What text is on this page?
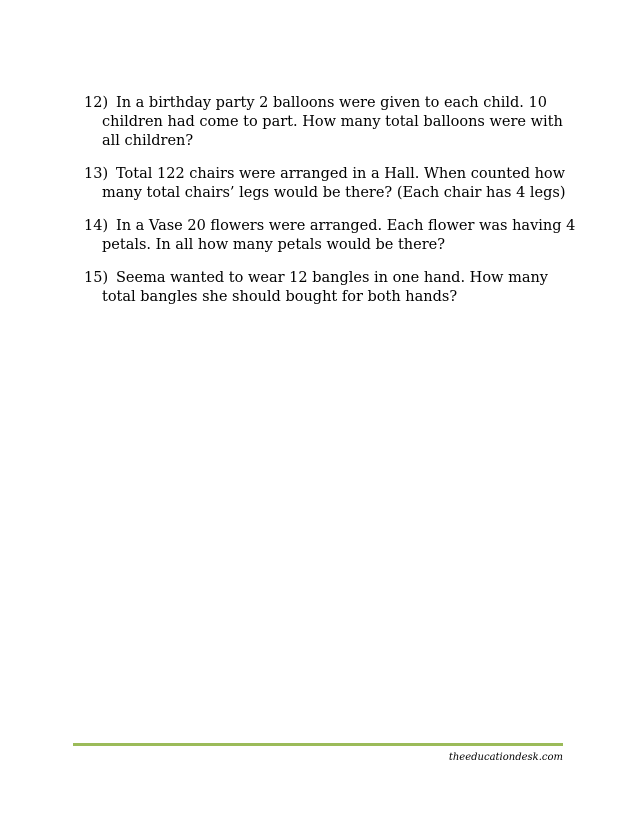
12) In a birthday party 2 balloons were given to each child. 10 children had come to part. How many total balloons were with all children?
13) Total 122 chairs were arranged in a Hall. When counted how many total chairs’ legs would be there? (Each chair has 4 legs)
14) In a Vase 20 flowers were arranged. Each flower was having 4 petals. In all how many petals would be there?
15) Seema wanted to wear 12 bangles in one hand. How many total bangles she should bought for both hands?
theeducationdesk.com
